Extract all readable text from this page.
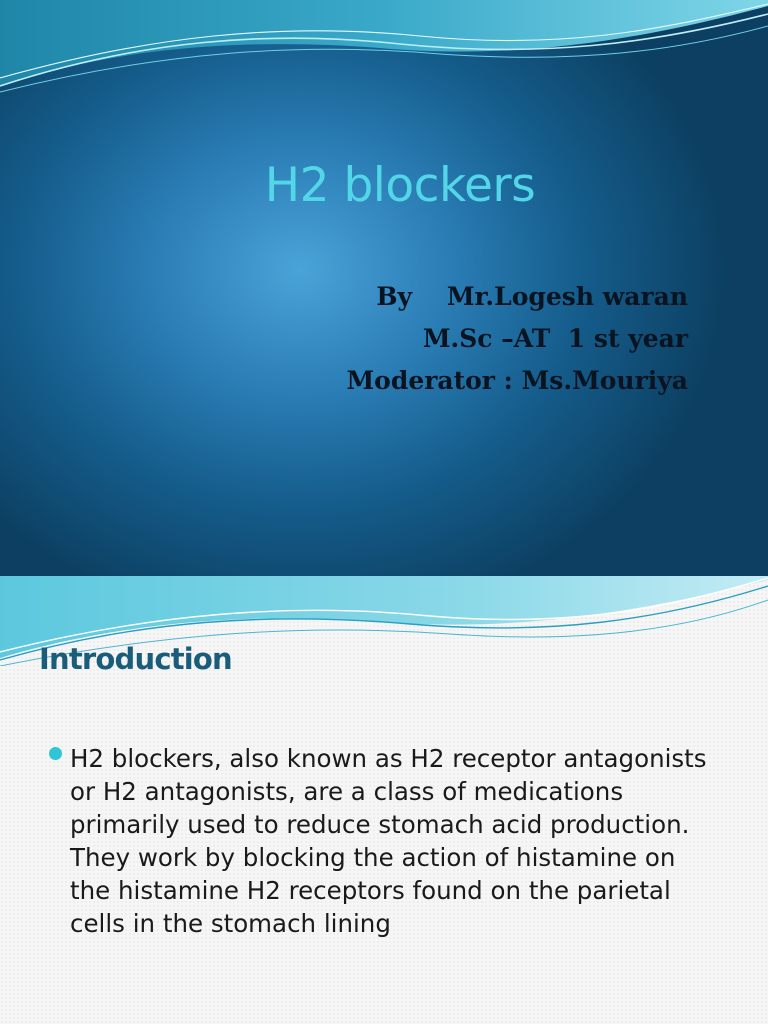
H2 blockers
By    Mr.Logesh waran
M.Sc –AT  1 st year
Moderator : Ms.Mouriya
Introduction

H2 blockers, also known as H2 receptor antagonists or H2 antagonists, are a class of medications primarily used to reduce stomach acid production. They work by blocking the action of histamine on the histamine H2 receptors found on the parietal cells in the stomach lining
